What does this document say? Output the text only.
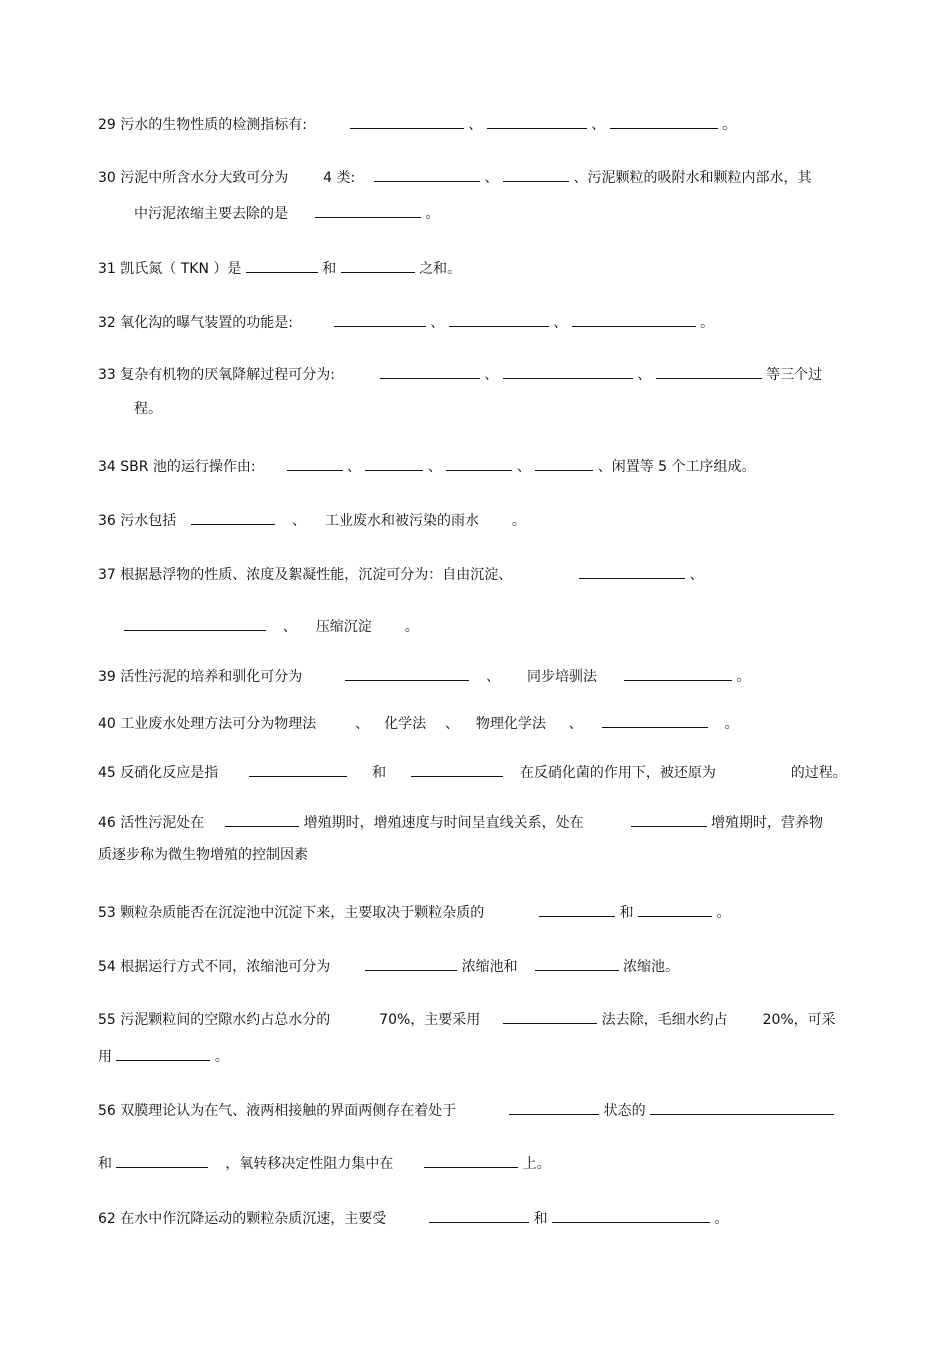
29 污水的生物性质的检测指标有:	、	、	。
30 污泥中所含水分大致可分为 4 类:	、	、污泥颗粒的吸附水和颗粒内部水，其
中污泥浓缩主要去除的是	。
31 凯氏氮（ TKN ）是	和	之和。
32 氧化沟的曝气装置的功能是:	、	、	。
33 复杂有机物的厌氧降解过程可分为:	、	、	等三个过
程。
34 SBR 池的运行操作由:	、	、	、	、闲置等 5 个工序组成。
36 污水包括	、 工业废水和被污染的雨水 。
37 根据悬浮物的性质、浓度及絮凝性能，沉淀可分为：自由沉淀、	、
、 压缩沉淀 。
39 活性污泥的培养和驯化可分为	、 同步培驯法	。
40 工业废水处理方法可分为物理法	、 化学法 、 物理化学法 、	。
45 反硝化反应是指	和	在反硝化菌的作用下，被还原为	的过程。
46 活性污泥处在	增殖期时，增殖速度与时间呈直线关系，处在	增殖期时，营养物
质逐步称为微生物增殖的控制因素
53 颗粒杂质能否在沉淀池中沉淀下来，主要取决于颗粒杂质的	和	。
54 根据运行方式不同，浓缩池可分为	浓缩池和	浓缩池。
55 污泥颗粒间的空隙水约占总水分的	70%，主要采用	法去除，毛细水约占 20%，可采
用	。
56 双膜理论认为在气、液两相接触的界面两侧存在着处于	状态的
和	，氧转移决定性阻力集中在	上。
62 在水中作沉降运动的颗粒杂质沉速，主要受	和	。
